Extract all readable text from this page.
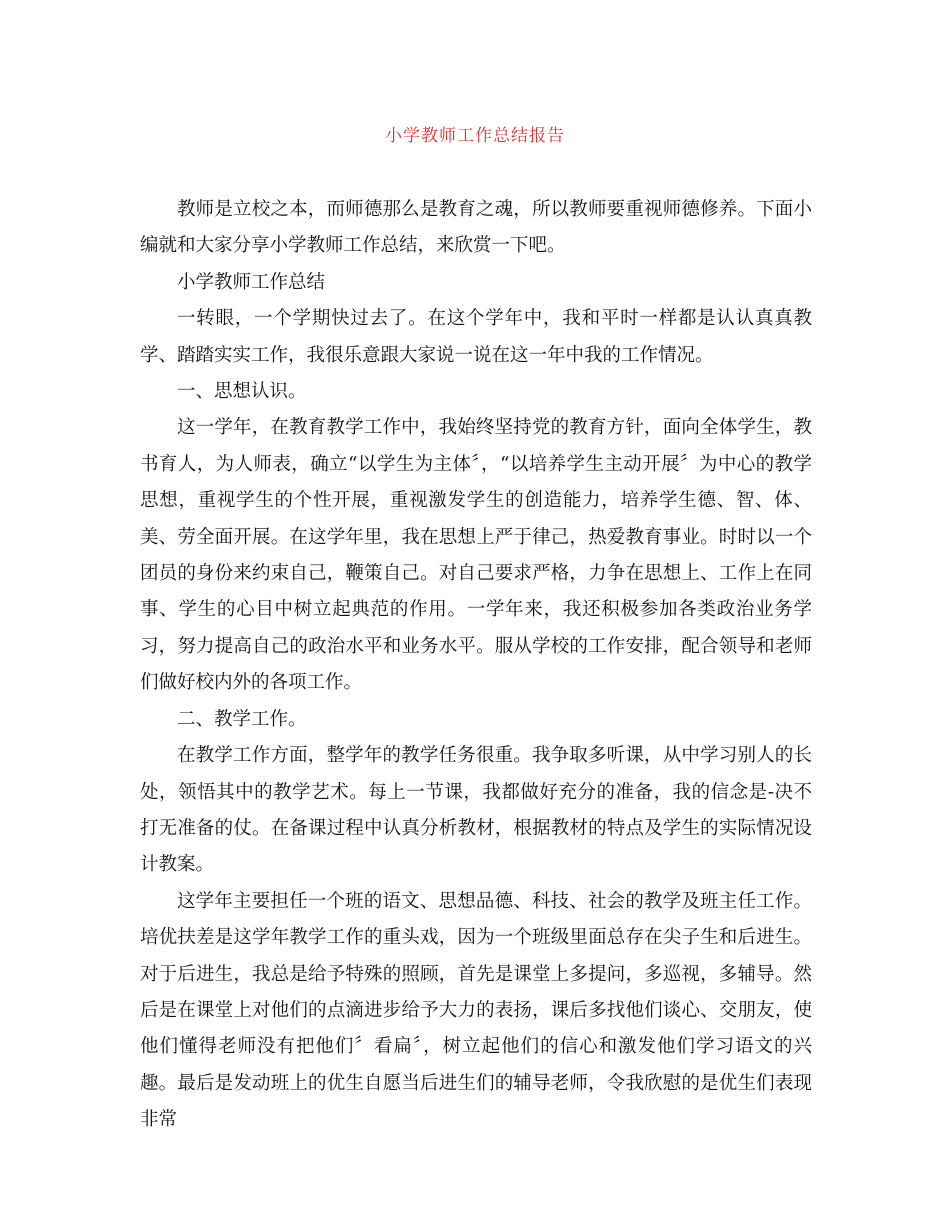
小学教师工作总结报告

教师是立校之本，而师德那么是教育之魂，所以教师要重视师德修养。下面小编就和大家分享小学教师工作总结，来欣赏一下吧。

小学教师工作总结

一转眼，一个学期快过去了。在这个学年中，我和平时一样都是认认真真教学、踏踏实实工作，我很乐意跟大家说一说在这一年中我的工作情况。

一、思想认识。

这一学年，在教育教学工作中，我始终坚持党的教育方针，面向全体学生，教书育人，为人师表，确立“以学生为主体〞，“以培养学生主动开展〞为中心的教学思想，重视学生的个性开展，重视激发学生的创造能力，培养学生德、智、体、美、劳全面开展。在这学年里，我在思想上严于律己，热爱教育事业。时时以一个团员的身份来约束自己，鞭策自己。对自己要求严格，力争在思想上、工作上在同事、学生的心目中树立起典范的作用。一学年来，我还积极参加各类政治业务学习，努力提高自己的政治水平和业务水平。服从学校的工作安排，配合领导和老师们做好校内外的各项工作。

二、教学工作。

在教学工作方面，整学年的教学任务很重。我争取多听课，从中学习别人的长处，领悟其中的教学艺术。每上一节课，我都做好充分的准备，我的信念是-决不打无准备的仗。在备课过程中认真分析教材，根据教材的特点及学生的实际情况设计教案。

这学年主要担任一个班的语文、思想品德、科技、社会的教学及班主任工作。培优扶差是这学年教学工作的重头戏，因为一个班级里面总存在尖子生和后进生。对于后进生，我总是给予特殊的照顾，首先是课堂上多提问，多巡视，多辅导。然后是在课堂上对他们的点滴进步给予大力的表扬，课后多找他们谈心、交朋友，使他们懂得老师没有把他们〞看扁〞，树立起他们的信心和激发他们学习语文的兴趣。最后是发动班上的优生自愿当后进生们的辅导老师，令我欣慰的是优生们表现非常
